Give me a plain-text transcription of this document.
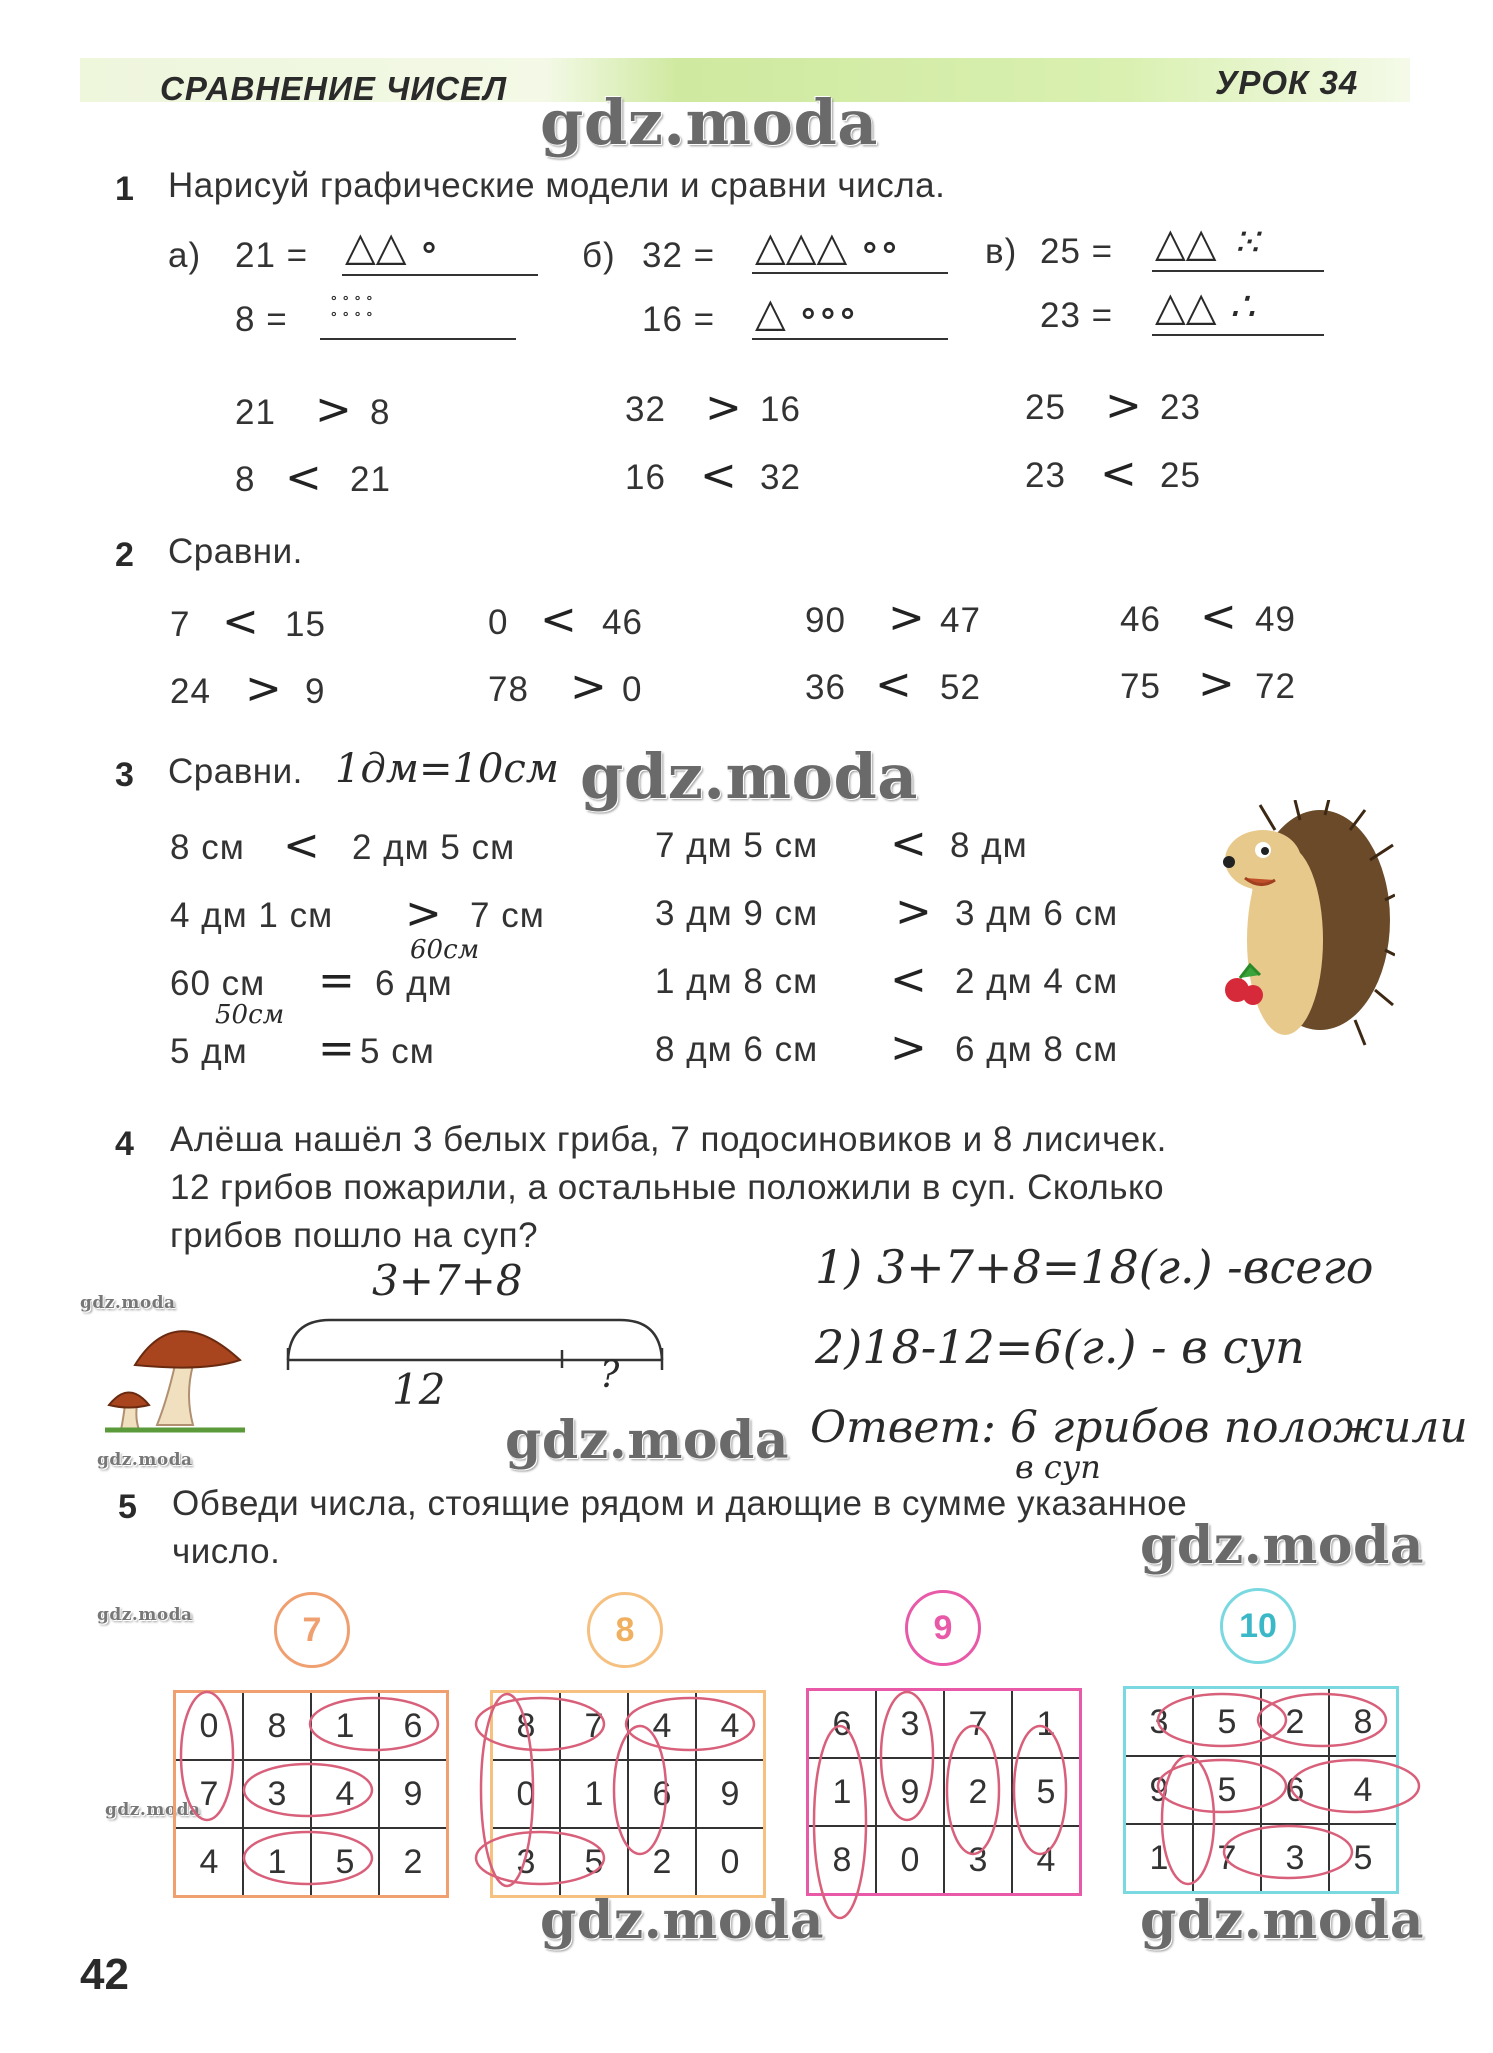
СРАВНЕНИЕ ЧИСЕЛ	УРОК 34
gdz.moda
gdz.moda
gdz.moda
gdz.moda
gdz.moda	gdz.moda
gdz.moda
gdz.moda
gdz.moda
gdz.moda
1 Нарисуй графические модели и сравни числа.
а) 21 = △△ ∘
8 =
∘∘∘∘
∘∘∘∘
б) 32 = △△△ ∘∘
16 = △ ∘∘∘
в) 25 = △△ ⁙
23 = △△ ∴
21 > 8
8 < 21
32 > 16
16 < 32
25 > 23
23 < 25
2 Сравни.
7 < 15	0 < 46	90 > 47	46 < 49
24 > 9	78 > 0	36 < 52	75 > 72
3 Сравни. 1дм=10см
8 см < 2 дм 5 см
4 дм 1 см > 7 см
60см
60 см = 6 дм
50см
5 дм = 5 см
7 дм 5 см < 8 дм
3 дм 9 см > 3 дм 6 см
1 дм 8 см < 2 дм 4 см
8 дм 6 см > 6 дм 8 см
4 Алёша нашёл 3 белых гриба, 7 подосиновиков и 8 лисичек.
12 грибов пожарили, а остальные положили в суп. Сколько
грибов пошло на суп?
3+7+8
12	?
1) 3+7+8=18(г.) -всего
2)18-12=6(г.) - в суп
Ответ: 6 грибов положили
в суп
5 Обведи числа, стоящие рядом и дающие в сумме указанное
число.
7	8	9	10
0	8	1	6
7	3	4	9
4	1	5	2
8	7	4	4
0	1	6	9
3	5	2	0
6	3	7	1
1	9	2	5
8	0	3	4
3	5	2	8
9	5	6	4
1	7	3	5
42
